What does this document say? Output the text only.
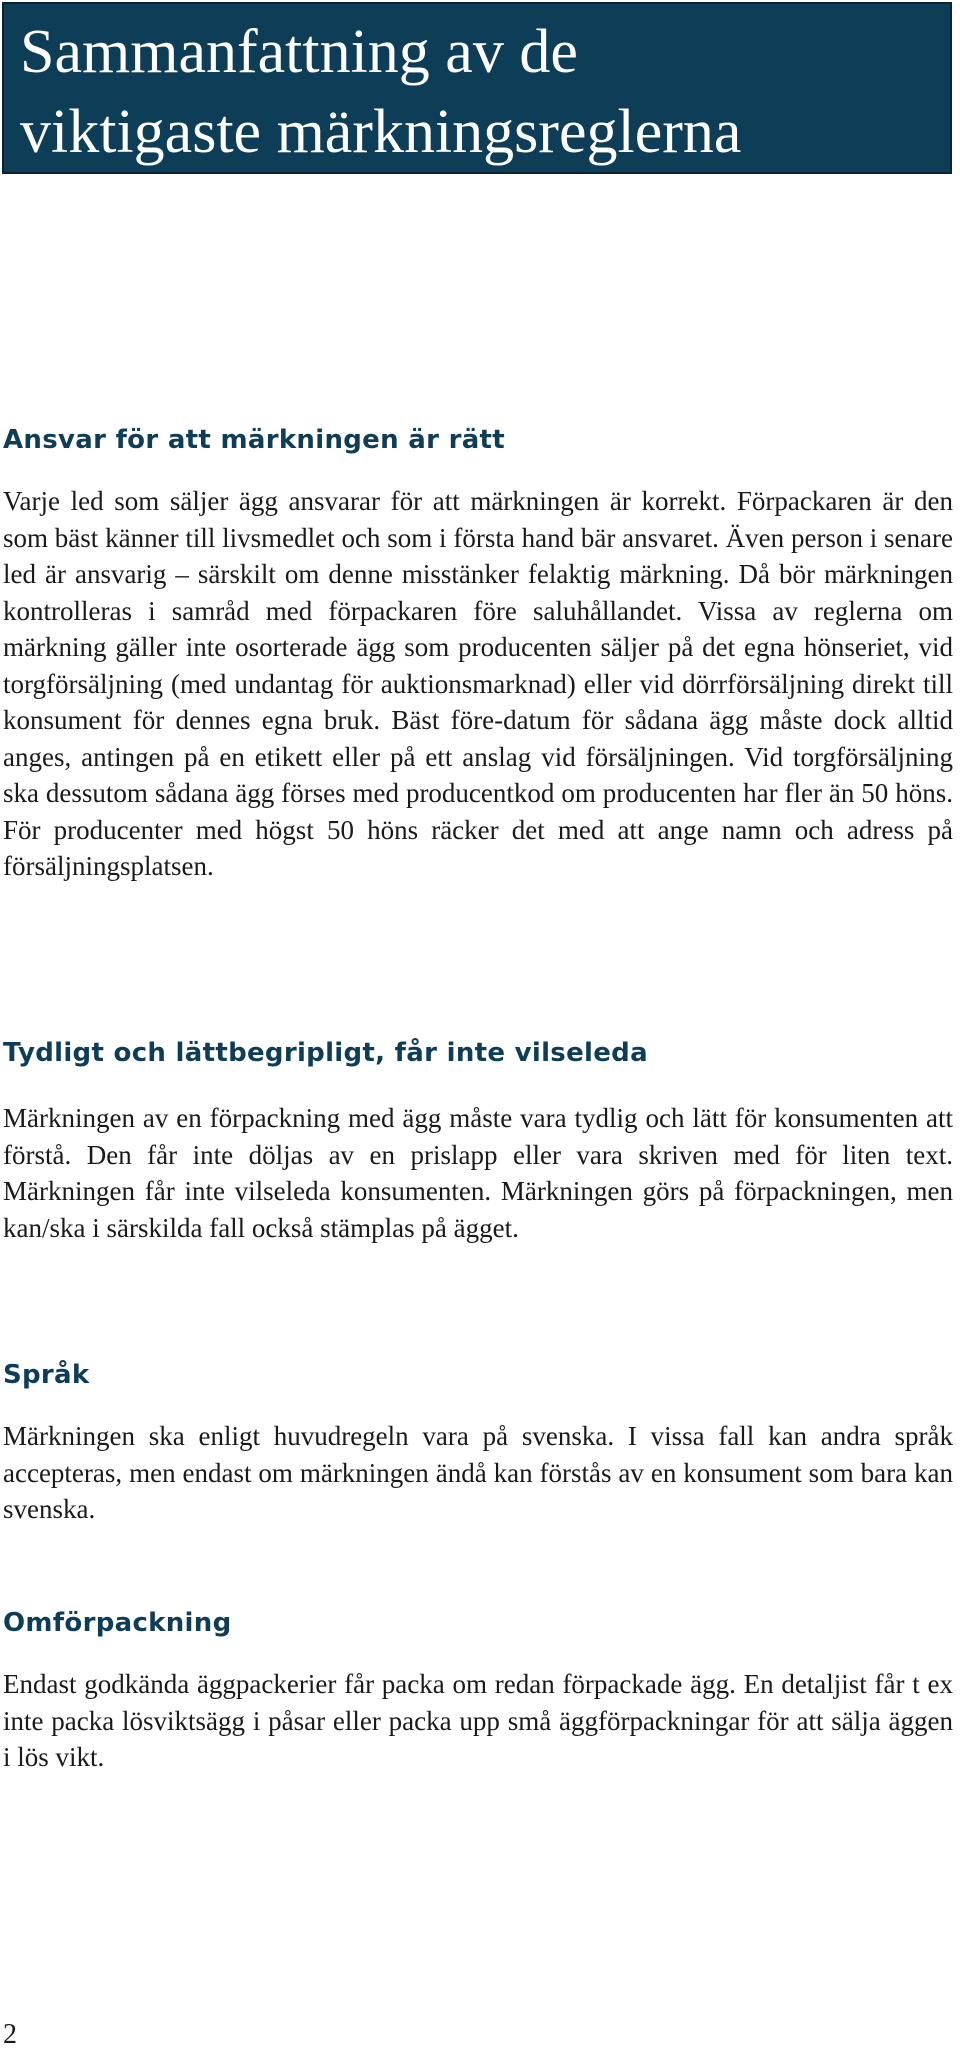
Sammanfattning av de
viktigaste märkningsreglerna
Ansvar för att märkningen är rätt

Varje led som säljer ägg ansvarar för att märkningen är korrekt. Förpackaren är den som bäst känner till livsmedlet och som i första hand bär ansvaret. Även person i senare led är ansvarig – särskilt om denne misstänker felaktig märkning. Då bör märkningen kontrolleras i samråd med förpackaren före saluhållandet. Vissa av reglerna om märkning gäller inte osorterade ägg som producenten säljer på det egna hönseriet, vid torgförsäljning (med undantag för auktionsmarknad) eller vid dörrförsäljning direkt till konsument för dennes egna bruk. Bäst före-datum för sådana ägg måste dock alltid anges, antingen på en etikett eller på ett anslag vid försäljningen. Vid torgförsäljning ska dessutom sådana ägg förses med producentkod om producenten har fler än 50 höns. För producenter med högst 50 höns räcker det med att ange namn och adress på försäljningsplatsen.

Tydligt och lättbegripligt, får inte vilseleda

Märkningen av en förpackning med ägg måste vara tydlig och lätt för konsumenten att förstå. Den får inte döljas av en prislapp eller vara skriven med för liten text. Märkningen får inte vilseleda konsumenten. Märkningen görs på förpackningen, men kan/ska i särskilda fall också stämplas på ägget.

Språk

Märkningen ska enligt huvudregeln vara på svenska. I vissa fall kan andra språk accepteras, men endast om märkningen ändå kan förstås av en konsument som bara kan svenska.

Omförpackning

Endast godkända äggpackerier får packa om redan förpackade ägg. En detaljist får t ex inte packa lösviktsägg i påsar eller packa upp små äggförpackningar för att sälja äggen i lös vikt.

2
